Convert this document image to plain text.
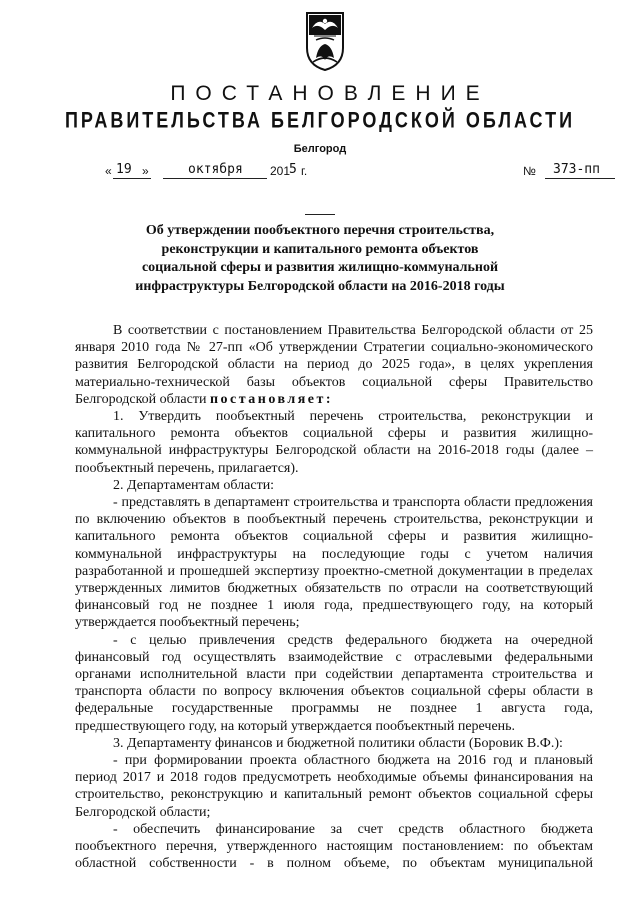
ПОСТАНОВЛЕНИЕ
ПРАВИТЕЛЬСТВА БЕЛГОРОДСКОЙ ОБЛАСТИ
Белгород
« 19 »	октября 201
5 г.	№ 373-пп
Об утверждении пообъектного перечня строительства,
реконструкции и капитального ремонта объектов
социальной сферы и развития жилищно-коммунальной
инфраструктуры Белгородской области на 2016-2018 годы

В соответствии с постановлением Правительства Белгородской области от 25 января 2010 года № 27-пп «Об утверждении Стратегии социально-экономического развития Белгородской области на период до 2025 года», в целях укрепления материально-технической базы объектов социальной сферы Правительство Белгородской области постановляет:

1. Утвердить пообъектный перечень строительства, реконструкции и капитального ремонта объектов социальной сферы и развития жилищно-коммунальной инфраструктуры Белгородской области на 2016-2018 годы (далее – пообъектный перечень, прилагается).

2. Департаментам области:

- представлять в департамент строительства и транспорта области предложения по включению объектов в пообъектный перечень строительства, реконструкции и капитального ремонта объектов социальной сферы и развития жилищно-коммунальной инфраструктуры на последующие годы с учетом наличия разработанной и прошедшей экспертизу проектно-сметной документации в пределах утвержденных лимитов бюджетных обязательств по отрасли на соответствующий финансовый год не позднее 1 июля года, предшествующего году, на который утверждается пообъектный перечень;

- с целью привлечения средств федерального бюджета на очередной финансовый год осуществлять взаимодействие с отраслевыми федеральными органами исполнительной власти при содействии департамента строительства и транспорта области по вопросу включения объектов социальной сферы области в федеральные государственные программы не позднее 1 августа года, предшествующего году, на который утверждается пообъектный перечень.

3. Департаменту финансов и бюджетной политики области (Боровик В.Ф.):

- при формировании проекта областного бюджета на 2016 год и плановый период 2017 и 2018 годов предусмотреть необходимые объемы финансирования на строительство, реконструкцию и капитальный ремонт объектов социальной сферы Белгородской области;

- обеспечить финансирование за счет средств областного бюджета пообъектного перечня, утвержденного настоящим постановлением: по объектам областной собственности - в полном объеме, по объектам муниципальной
